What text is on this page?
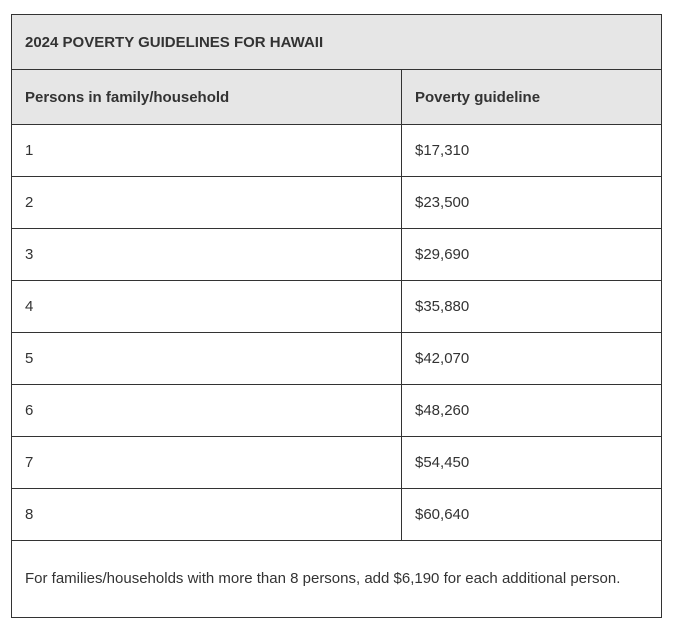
2024 POVERTY GUIDELINES FOR HAWAII	
Persons in family/household	Poverty guideline
1	$17,310
2	$23,500
3	$29,690
4	$35,880
5	$42,070
6	$48,260
7	$54,450
8	$60,640
For families/households with more than 8 persons, add $6,190 for each additional person.	
